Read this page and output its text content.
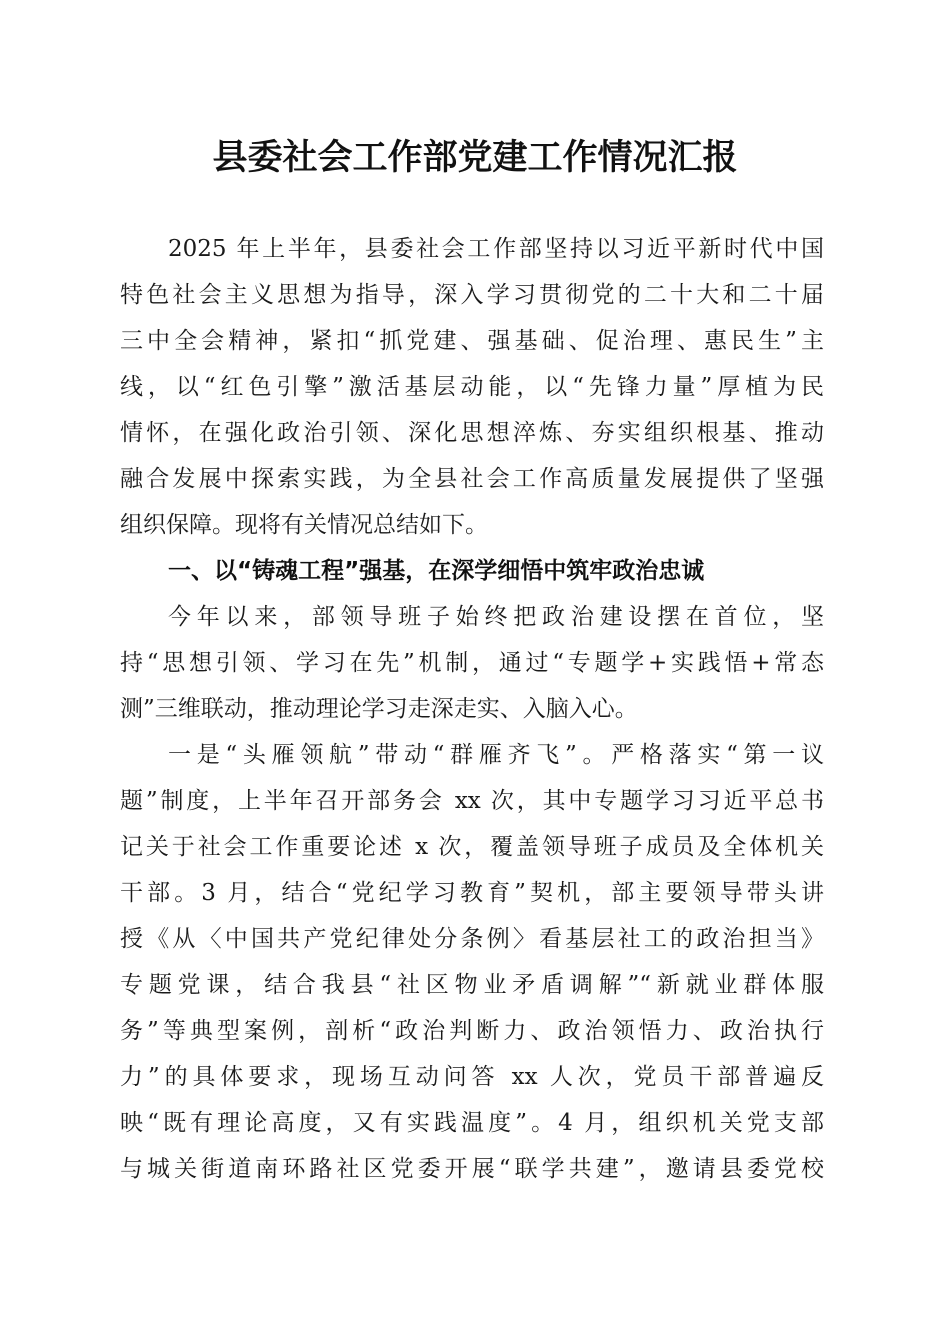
县委社会工作部党建工作情况汇报
2025 年上半年，县委社会工作部坚持以习近平新时代中国
特色社会主义思想为指导，深入学习贯彻党的二十大和二十届
三中全会精神，紧扣“抓党建、强基础、促治理、惠民生”主
线，以“红色引擎”激活基层动能，以“先锋力量”厚植为民
情怀，在强化政治引领、深化思想淬炼、夯实组织根基、推动
融合发展中探索实践，为全县社会工作高质量发展提供了坚强
组织保障。现将有关情况总结如下。
一、以“铸魂工程”强基，在深学细悟中筑牢政治忠诚
今年以来，部领导班子始终把政治建设摆在首位，坚
持“思想引领、学习在先”机制，通过“专题学+实践悟+常态
测”三维联动，推动理论学习走深走实、入脑入心。
一是“头雁领航”带动“群雁齐飞”。严格落实“第一议
题”制度，上半年召开部务会 xx 次，其中专题学习习近平总书
记关于社会工作重要论述 x 次，覆盖领导班子成员及全体机关
干部。3 月，结合“党纪学习教育”契机，部主要领导带头讲
授《从〈中国共产党纪律处分条例〉看基层社工的政治担当》
专题党课，结合我县“社区物业矛盾调解”“新就业群体服
务”等典型案例，剖析“政治判断力、政治领悟力、政治执行
力”的具体要求，现场互动问答 xx 人次，党员干部普遍反
映“既有理论高度，又有实践温度”。4 月，组织机关党支部
与城关街道南环路社区党委开展“联学共建”，邀请县委党校
